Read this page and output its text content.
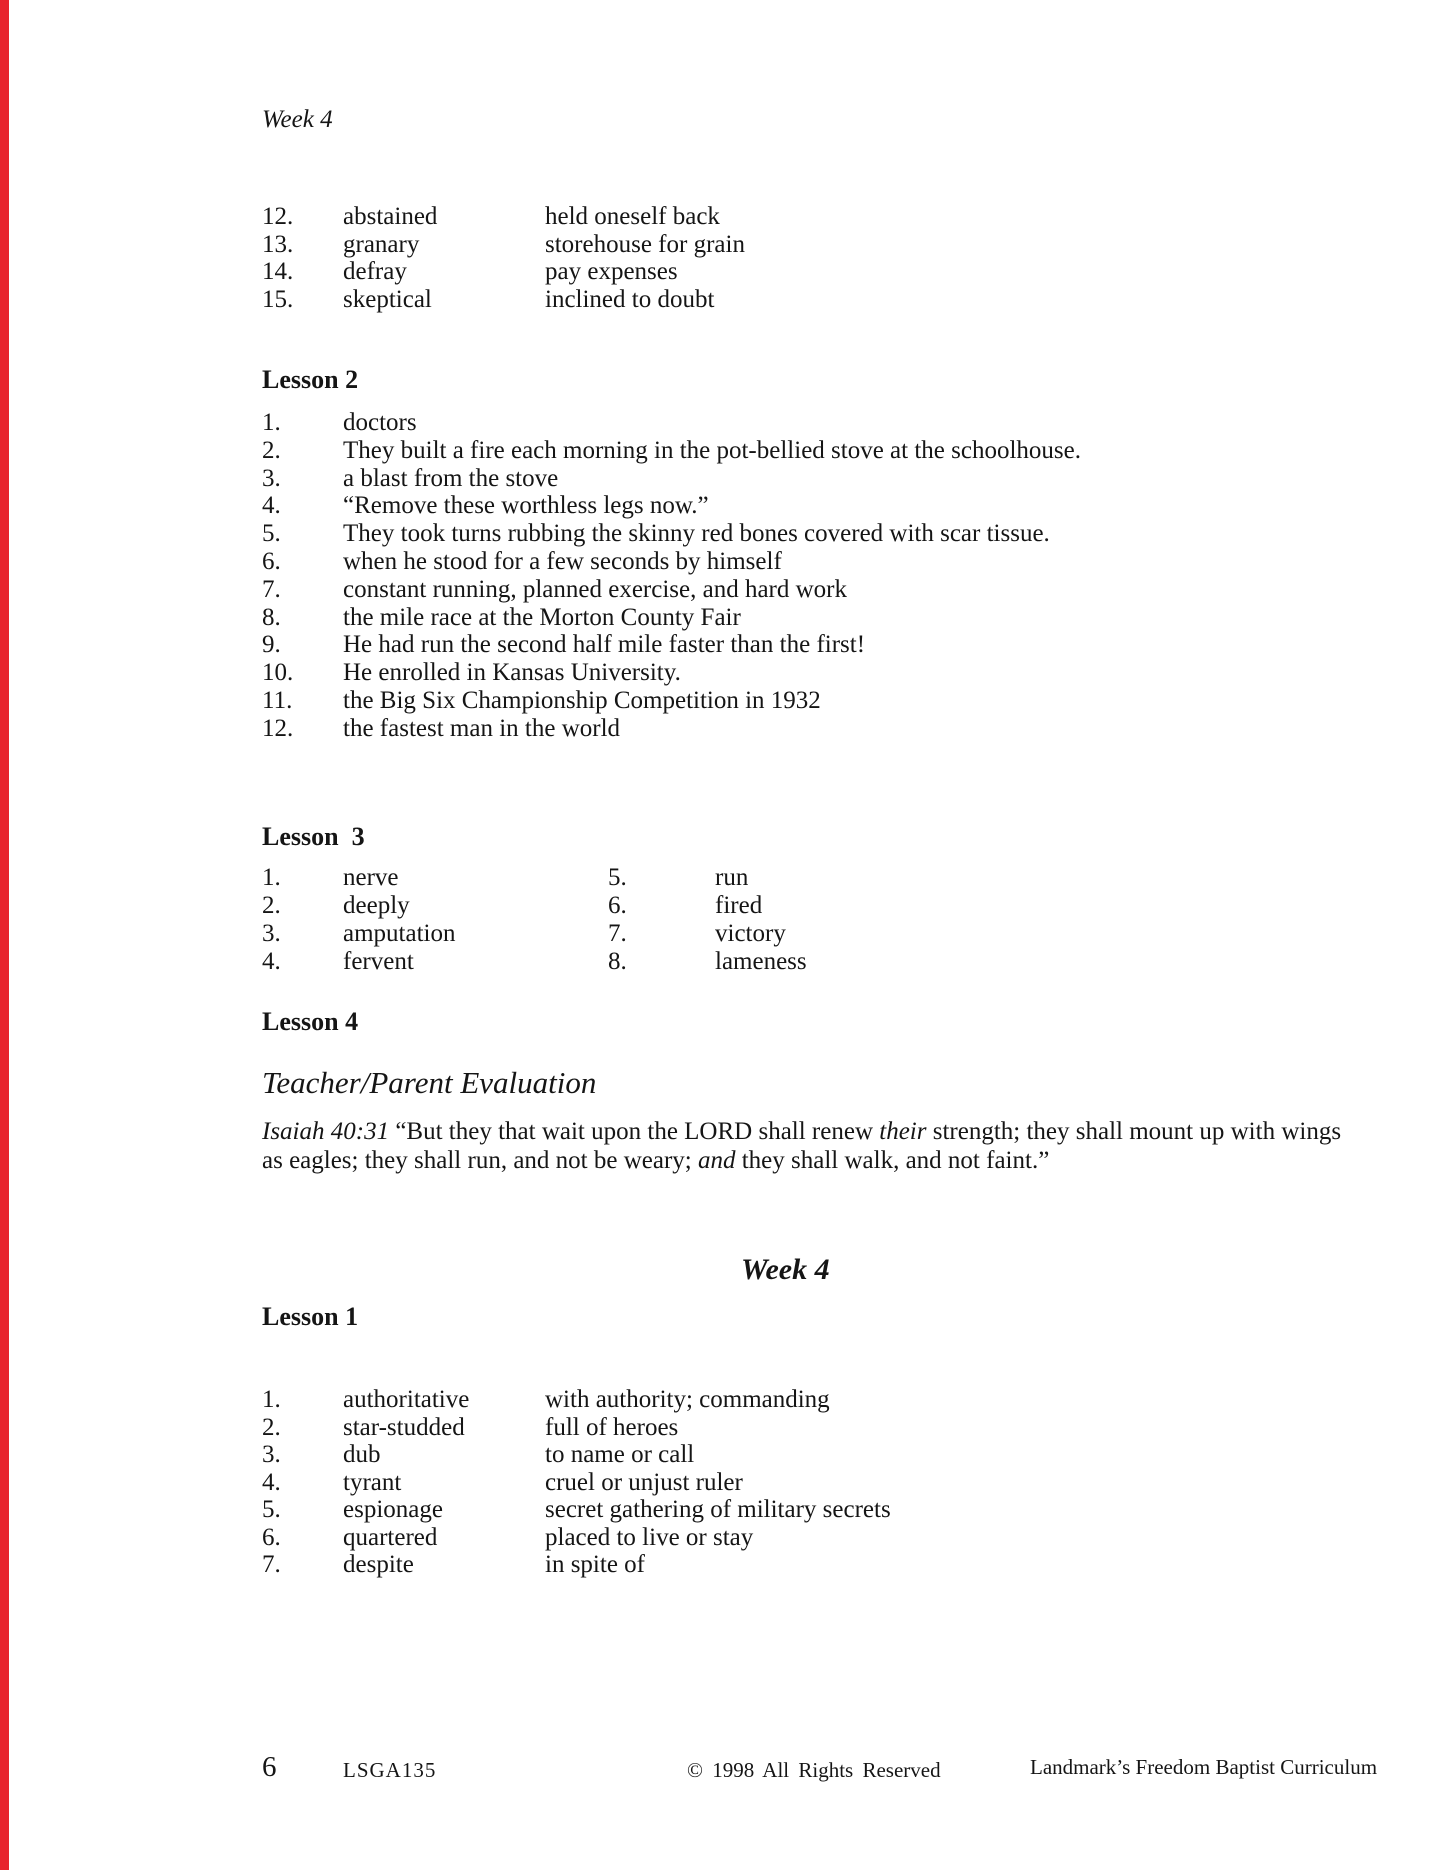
Week 4
12.	abstained	held oneself back
13.	granary	storehouse for grain
14.	defray	pay expenses
15.	skeptical	inclined to doubt
Lesson 2
1.	doctors
2.	They built a fire each morning in the pot-bellied stove at the schoolhouse.
3.	a blast from the stove
4.	“Remove these worthless legs now.”
5.	They took turns rubbing the skinny red bones covered with scar tissue.
6.	when he stood for a few seconds by himself
7.	constant running, planned exercise, and hard work
8.	the mile race at the Morton County Fair
9.	He had run the second half mile faster than the first!
10.	He enrolled in Kansas University.
11.	the Big Six Championship Competition in 1932
12.	the fastest man in the world
Lesson  3
1.	nerve
2.	deeply
3.	amputation
4.	fervent
5.	run
6.	fired
7.	victory
8.	lameness
Lesson 4
Teacher/Parent Evaluation
Isaiah 40:31 “But they that wait upon the LORD shall renew their strength; they shall mount up with wings as eagles; they shall run, and not be weary; and they shall walk, and not faint.”
Week 4
Lesson 1
1.	authoritative	with authority; commanding
2.	star-studded	full of heroes
3.	dub	to name or call
4.	tyrant	cruel or unjust ruler
5.	espionage	secret gathering of military secrets
6.	quartered	placed to live or stay
7.	despite	in spite of
6	LSGA135	© 1998 All Rights Reserved	Landmark’s Freedom Baptist Curriculum
